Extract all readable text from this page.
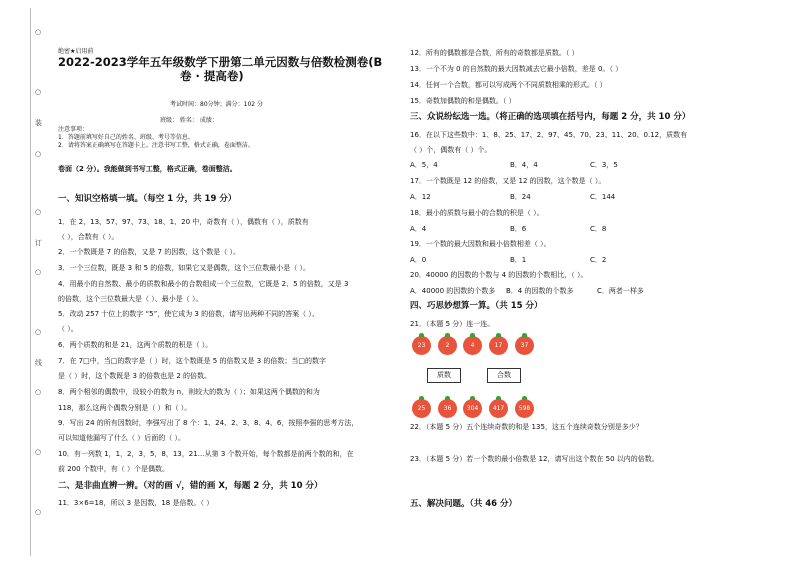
○
○
○
○
○
○
○
○
○
装
订
线
绝密★启用前
2022-2023学年五年级数学下册第二单元因数与倍数检测卷(B
卷 · 提高卷)
考试时间：80分钟；满分：102 分
班级： 姓名： 成绩：
注意事项：
1．答题前填写好自己的姓名、班级、考号等信息。
2．请将答案正确填写在答题卡上。注意书写工整，格式正确，卷面整洁。
卷面（2 分）。我能做到书写工整，格式正确，卷面整洁。
一、知识空格填一填。（每空 1 分，共 19 分）
1．在 2、13、57、97、73、18、1、20 中，奇数有（ ），偶数有（ ），质数有
（ ），合数有（ ）。
2．一个数既是 7 的倍数，又是 7 的因数，这个数是（ ）。
3．一个三位数，既是 3 和 5 的倍数，如果它又是偶数，这个三位数最小是（ ）。
4．用最小的自然数、最小的质数和最小的合数组成一个三位数，它既是 2、5 的倍数，又是 3
的倍数，这个三位数最大是（ ）、最小是（ ）。
5．改动 257 十位上的数字 “5”，使它成为 3 的倍数，请写出两种不同的答案（ ）、
（ ）。
6．两个质数的和是 21，这两个质数的积是（ ）。
7．在 7□中，当□的数字是（ ）时，这个数既是 5 的倍数又是 3 的倍数；当□的数字
是（ ）时，这个数既是 3 的倍数也是 2 的倍数。
8．两个相邻的偶数中，设较小的数为 n，则较大的数为（ ）；如果这两个偶数的和为
118，那么这两个偶数分别是（ ）和（ ）。
9．写出 24 的所有因数时，李强写出了 8 个：1、24、2、3、8、4、6，按照李强的思考方法，
可以知道他漏写了什么（ ）后面的（ ）。
10．有一列数 1，1，2，3，5，8，13，21…从第 3 个数开始，每个数都是前两个数的和，在
前 200 个数中，有（ ）个是偶数。
二、是非曲直辨一辨。（对的画 √，错的画 X，每题 2 分，共 10 分）
11．3×6=18，所以 3 是因数，18 是倍数。（ ）
12．所有的偶数都是合数，所有的奇数都是质数。（ ）
13．一个不为 0 的自然数的最大因数减去它最小倍数，差是 0。（ ）
14．任何一个合数，都可以写成两个不同质数相乘的形式。（ ）
15．奇数加偶数的和是偶数。（ ）
三、众说纷纭选一选。（将正确的选项填在括号内，每题 2 分，共 10 分）
16．在以下这些数中：1、8、25、17、2、97、45、70、23、11、20、0.12，质数有
（ ）个，偶数有（ ）个。
A．5，4	B．4，4	C．3，5
17．一个数既是 12 的倍数，又是 12 的因数，这个数是（ ）。
A．12	B．24	C．144
18．最小的质数与最小的合数的积是（ ）。
A．4	B．6	C．8
19．一个数的最大因数和最小倍数相差（ ）。
A．0	B．1	C．2
20．40000 的因数的个数与 4 的因数的个数相比，（ ）。
A．40000 的因数的个数多 B．4 的因数的个数多	C．两者一样多
四、巧思妙想算一算。（共 15 分）
21．（本题 5 分）连一连。
23	2	4	17	37
质数	合数
25	36	304	417	598
22．（本题 5 分）五个连续奇数的和是 135，这五个连续奇数分别是多少？
23．（本题 5 分）若一个数的最小倍数是 12，请写出这个数在 50 以内的倍数。
五、解决问题。（共 46 分）
